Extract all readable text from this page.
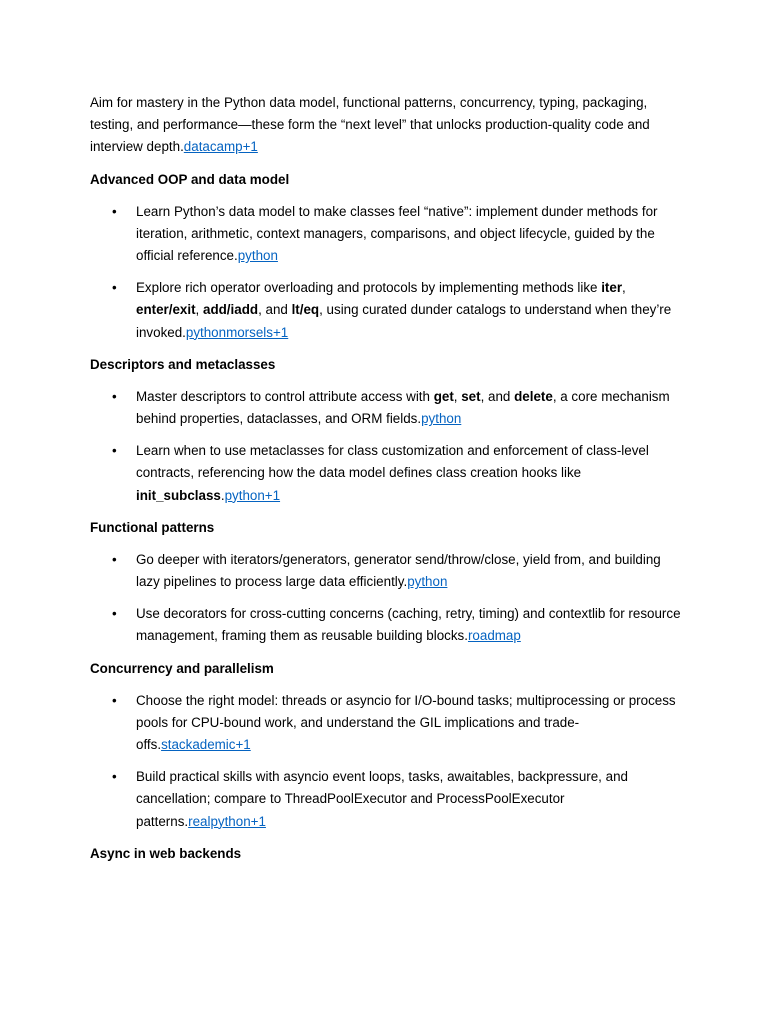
Aim for mastery in the Python data model, functional patterns, concurrency, typing, packaging, testing, and performance—these form the “next level” that unlocks production-quality code and interview depth.datacamp+1

Advanced OOP and data model
• Learn Python’s data model to make classes feel “native”: implement dunder methods for iteration, arithmetic, context managers, comparisons, and object lifecycle, guided by the official reference.python
• Explore rich operator overloading and protocols by implementing methods like iter, enter/exit, add/iadd, and lt/eq, using curated dunder catalogs to understand when they’re invoked.pythonmorsels+1
Descriptors and metaclasses
• Master descriptors to control attribute access with get, set, and delete, a core mechanism behind properties, dataclasses, and ORM fields.python
• Learn when to use metaclasses for class customization and enforcement of class-level contracts, referencing how the data model defines class creation hooks like init_subclass.python+1
Functional patterns
• Go deeper with iterators/generators, generator send/throw/close, yield from, and building lazy pipelines to process large data efficiently.python
• Use decorators for cross-cutting concerns (caching, retry, timing) and contextlib for resource management, framing them as reusable building blocks.roadmap
Concurrency and parallelism
• Choose the right model: threads or asyncio for I/O-bound tasks; multiprocessing or process pools for CPU-bound work, and understand the GIL implications and trade-offs.stackademic+1
• Build practical skills with asyncio event loops, tasks, awaitables, backpressure, and cancellation; compare to ThreadPoolExecutor and ProcessPoolExecutor patterns.realpython+1
Async in web backends
